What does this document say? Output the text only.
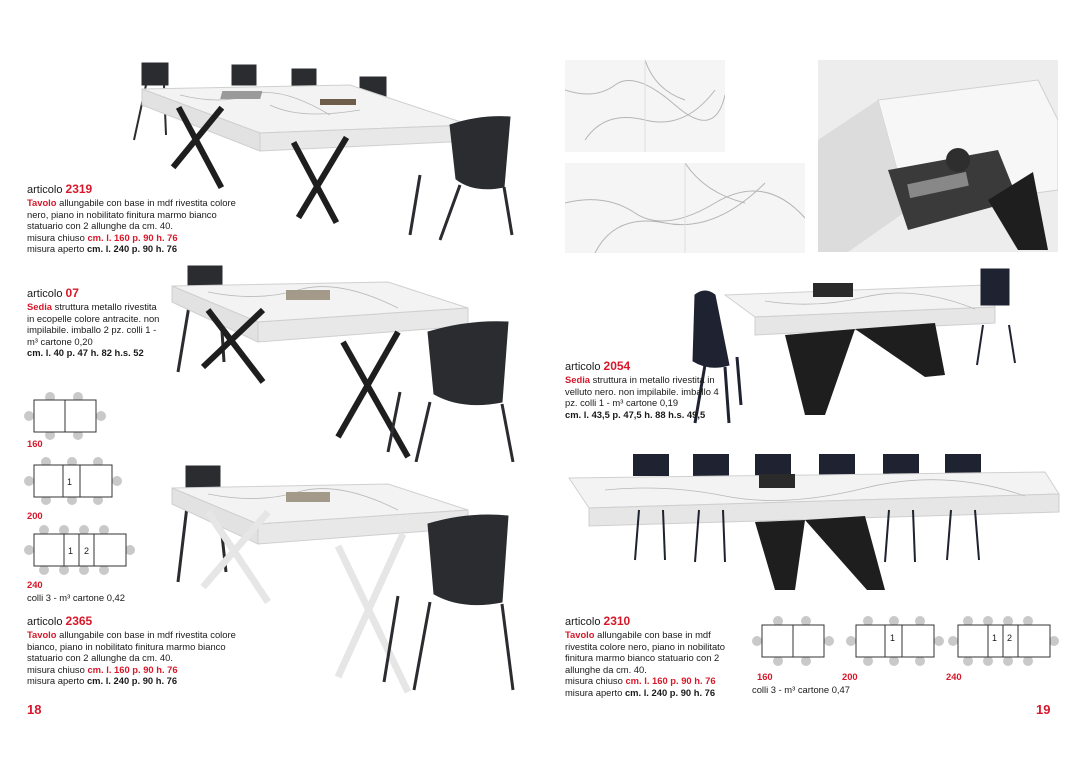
articolo 2319
Tavolo allungabile con base in mdf rivestita colore nero, piano in nobilitato finitura marmo bianco statuario con 2 allunghe da cm. 40.
misura chiuso cm. l. 160 p. 90 h. 76
misura aperto cm. l. 240 p. 90 h. 76
articolo 07
Sedia struttura metallo rivestita in ecopelle colore antracite. non impilabile. imballo 2 pz. colli 1 - m³ cartone 0,20
cm. l. 40 p. 47 h. 82 h.s. 52
160
1
200
1 2
240
colli 3 - m³ cartone 0,42
articolo 2365
Tavolo allungabile con base in mdf rivestita colore bianco, piano in nobilitato finitura marmo bianco statuario con 2 allunghe da cm. 40.
misura chiuso cm. l. 160 p. 90 h. 76
misura aperto cm. l. 240 p. 90 h. 76
18
articolo 2054
Sedia struttura in metallo rivestita in velluto nero. non impilabile. imballo 4 pz. colli 1 - m³ cartone 0,19
cm. l. 43,5 p. 47,5 h. 88 h.s. 49,5
articolo 2310
Tavolo allungabile con base in mdf rivestita colore nero, piano in nobilitato finitura marmo bianco statuario con 2 allunghe da cm. 40.
misura chiuso cm. l. 160 p. 90 h. 76
misura aperto cm. l. 240 p. 90 h. 76
160
1
200
1 2
240
colli 3 - m³ cartone 0,47
19
